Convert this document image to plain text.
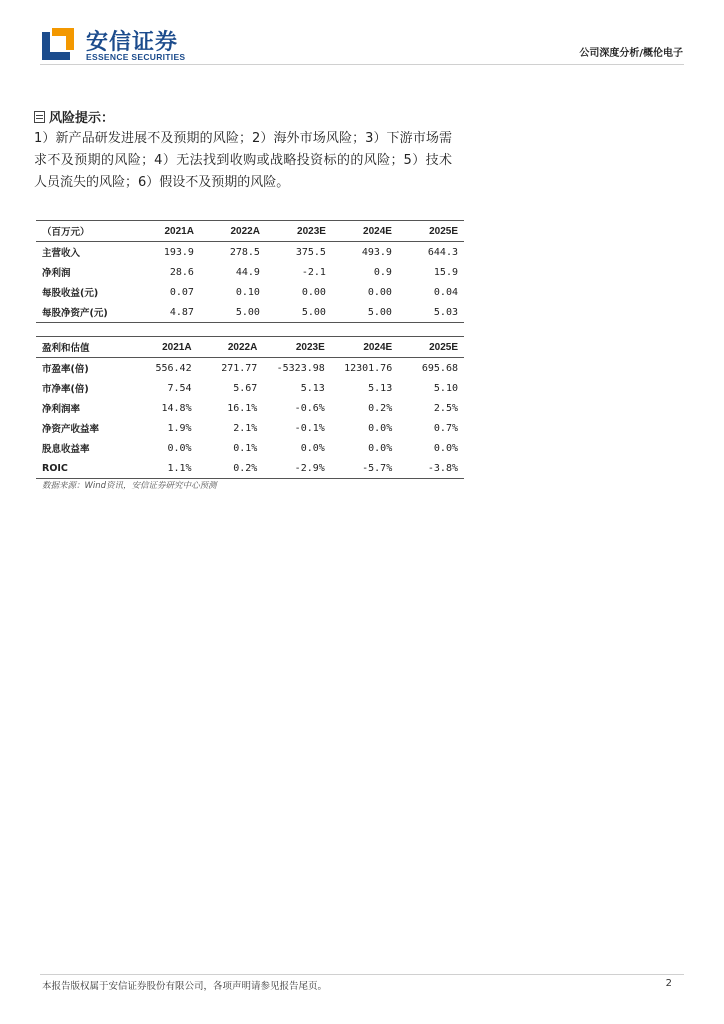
安信证券
ESSENCE SECURITIES	公司深度分析/概伦电子
风险提示：
1）新产品研发进展不及预期的风险；2）海外市场风险；3）下游市场需求不及预期的风险；4）无法找到收购或战略投资标的的风险；5）技术人员流失的风险；6）假设不及预期的风险。
（百万元）	2021A	2022A	2023E	2024E	2025E
主营收入	193.9	278.5	375.5	493.9	644.3
净利润	28.6	44.9	-2.1	0.9	15.9
每股收益(元)	0.07	0.10	0.00	0.00	0.04
每股净资产(元)	4.87	5.00	5.00	5.00	5.03
盈利和估值	2021A	2022A	2023E	2024E	2025E
市盈率(倍)	556.42	271.77	-5323.98	12301.76	695.68
市净率(倍)	7.54	5.67	5.13	5.13	5.10
净利润率	14.8%	16.1%	-0.6%	0.2%	2.5%
净资产收益率	1.9%	2.1%	-0.1%	0.0%	0.7%
股息收益率	0.0%	0.1%	0.0%	0.0%	0.0%
ROIC	1.1%	0.2%	-2.9%	-5.7%	-3.8%
数据来源：Wind资讯，安信证券研究中心预测
本报告版权属于安信证券股份有限公司，各项声明请参见报告尾页。	2
